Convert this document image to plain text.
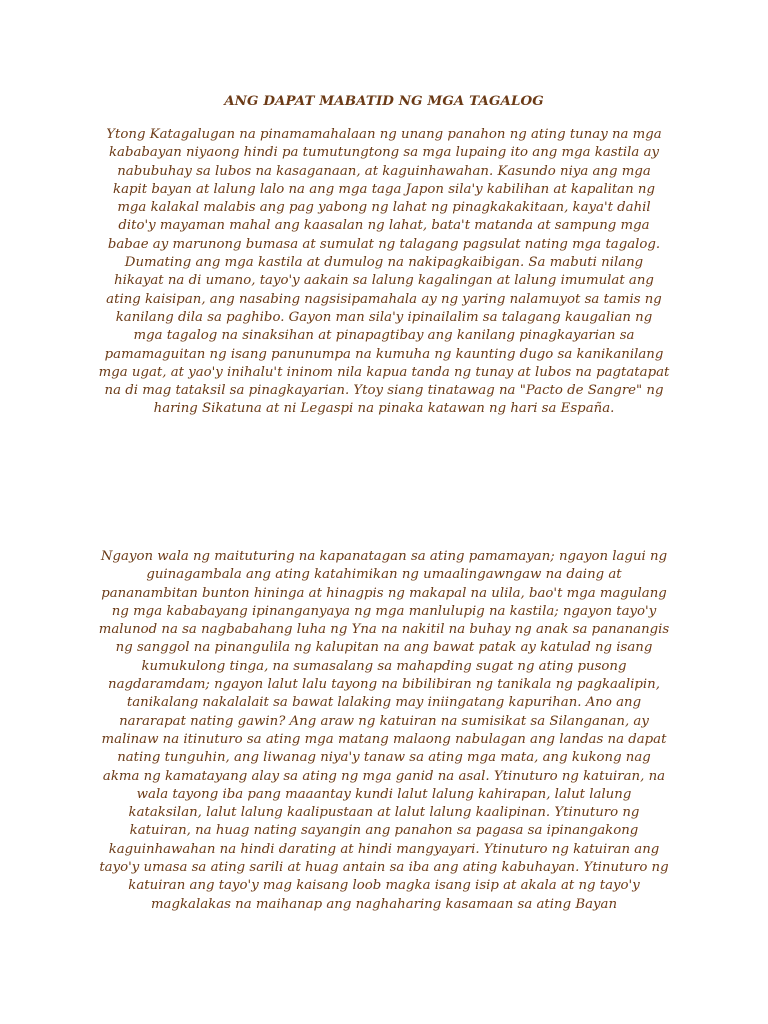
ANG DAPAT MABATID NG MGA TAGALOG

Ytong Katagalugan na pinamamahalaan ng unang panahon ng ating tunay na mga
kababayan niyaong hindi pa tumutungtong sa mga lupaing ito ang mga kastila ay
nabubuhay sa lubos na kasaganaan, at kaguinhawahan. Kasundo niya ang mga
kapit bayan at lalung lalo na ang mga taga Japon sila'y kabilihan at kapalitan ng
mga kalakal malabis ang pag yabong ng lahat ng pinagkakakitaan, kaya't dahil
dito'y mayaman mahal ang kaasalan ng lahat, bata't matanda at sampung mga
babae ay marunong bumasa at sumulat ng talagang pagsulat nating mga tagalog.
Dumating ang mga kastila at dumulog na nakipagkaibigan. Sa mabuti nilang
hikayat na di umano, tayo'y aakain sa lalung kagalingan at lalung imumulat ang
ating kaisipan, ang nasabing nagsisipamahala ay ng yaring nalamuyot sa tamis ng
kanilang dila sa paghibo. Gayon man sila'y ipinailalim sa talagang kaugalian ng
mga tagalog na sinaksihan at pinapagtibay ang kanilang pinagkayarian sa
pamamaguitan ng isang panunumpa na kumuha ng kaunting dugo sa kanikanilang
mga ugat, at yao'y inihalu't ininom nila kapua tanda ng tunay at lubos na pagtatapat
na di mag tataksil sa pinagkayarian. Ytoy siang tinatawag na "Pacto de Sangre" ng
haring Sikatuna at ni Legaspi na pinaka katawan ng hari sa España.

Ngayon wala ng maituturing na kapanatagan sa ating pamamayan; ngayon lagui ng
guinagambala ang ating katahimikan ng umaalingawngaw na daing at
pananambitan bunton hininga at hinagpis ng makapal na ulila, bao't mga magulang
ng mga kababayang ipinanganyaya ng mga manlulupig na kastila; ngayon tayo'y
malunod na sa nagbabahang luha ng Yna na nakitil na buhay ng anak sa pananangis
ng sanggol na pinangulila ng kalupitan na ang bawat patak ay katulad ng isang
kumukulong tinga, na sumasalang sa mahapding sugat ng ating pusong
nagdaramdam; ngayon lalut lalu tayong na bibilibiran ng tanikala ng pagkaalipin,
tanikalang nakalalait sa bawat lalaking may iniingatang kapurihan. Ano ang
nararapat nating gawin? Ang araw ng katuiran na sumisikat sa Silanganan, ay
malinaw na itinuturo sa ating mga matang malaong nabulagan ang landas na dapat
nating tunguhin, ang liwanag niya'y tanaw sa ating mga mata, ang kukong nag
akma ng kamatayang alay sa ating ng mga ganid na asal. Ytinuturo ng katuiran, na
wala tayong iba pang maaantay kundi lalut lalung kahirapan, lalut lalung
kataksilan, lalut lalung kaalipustaan at lalut lalung kaalipinan. Ytinuturo ng
katuiran, na huag nating sayangin ang panahon sa pagasa sa ipinangakong
kaguinhawahan na hindi darating at hindi mangyayari. Ytinuturo ng katuiran ang
tayo'y umasa sa ating sarili at huag antain sa iba ang ating kabuhayan. Ytinuturo ng
katuiran ang tayo'y mag kaisang loob magka isang isip at akala at ng tayo'y
magkalakas na maihanap ang naghaharing kasamaan sa ating Bayan
